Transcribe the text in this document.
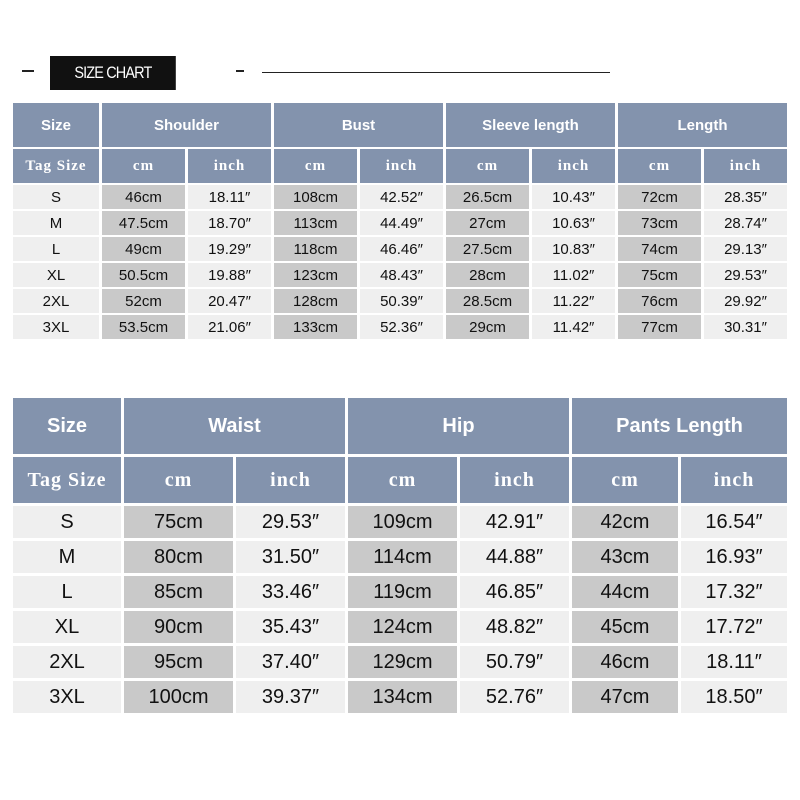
SIZE CHART
Size	Shoulder		Bust		Sleeve length		Length	
Tag Size	cm	inch	cm	inch	cm	inch	cm	inch
S	46cm	18.11″	108cm	42.52″	26.5cm	10.43″	72cm	28.35″
M	47.5cm	18.70″	113cm	44.49″	27cm	10.63″	73cm	28.74″
L	49cm	19.29″	118cm	46.46″	27.5cm	10.83″	74cm	29.13″
XL	50.5cm	19.88″	123cm	48.43″	28cm	11.02″	75cm	29.53″
2XL	52cm	20.47″	128cm	50.39″	28.5cm	11.22″	76cm	29.92″
3XL	53.5cm	21.06″	133cm	52.36″	29cm	11.42″	77cm	30.31″
Size	Waist		Hip		Pants Length	
Tag Size	cm	inch	cm	inch	cm	inch
S	75cm	29.53″	109cm	42.91″	42cm	16.54″
M	80cm	31.50″	114cm	44.88″	43cm	16.93″
L	85cm	33.46″	119cm	46.85″	44cm	17.32″
XL	90cm	35.43″	124cm	48.82″	45cm	17.72″
2XL	95cm	37.40″	129cm	50.79″	46cm	18.11″
3XL	100cm	39.37″	134cm	52.76″	47cm	18.50″
